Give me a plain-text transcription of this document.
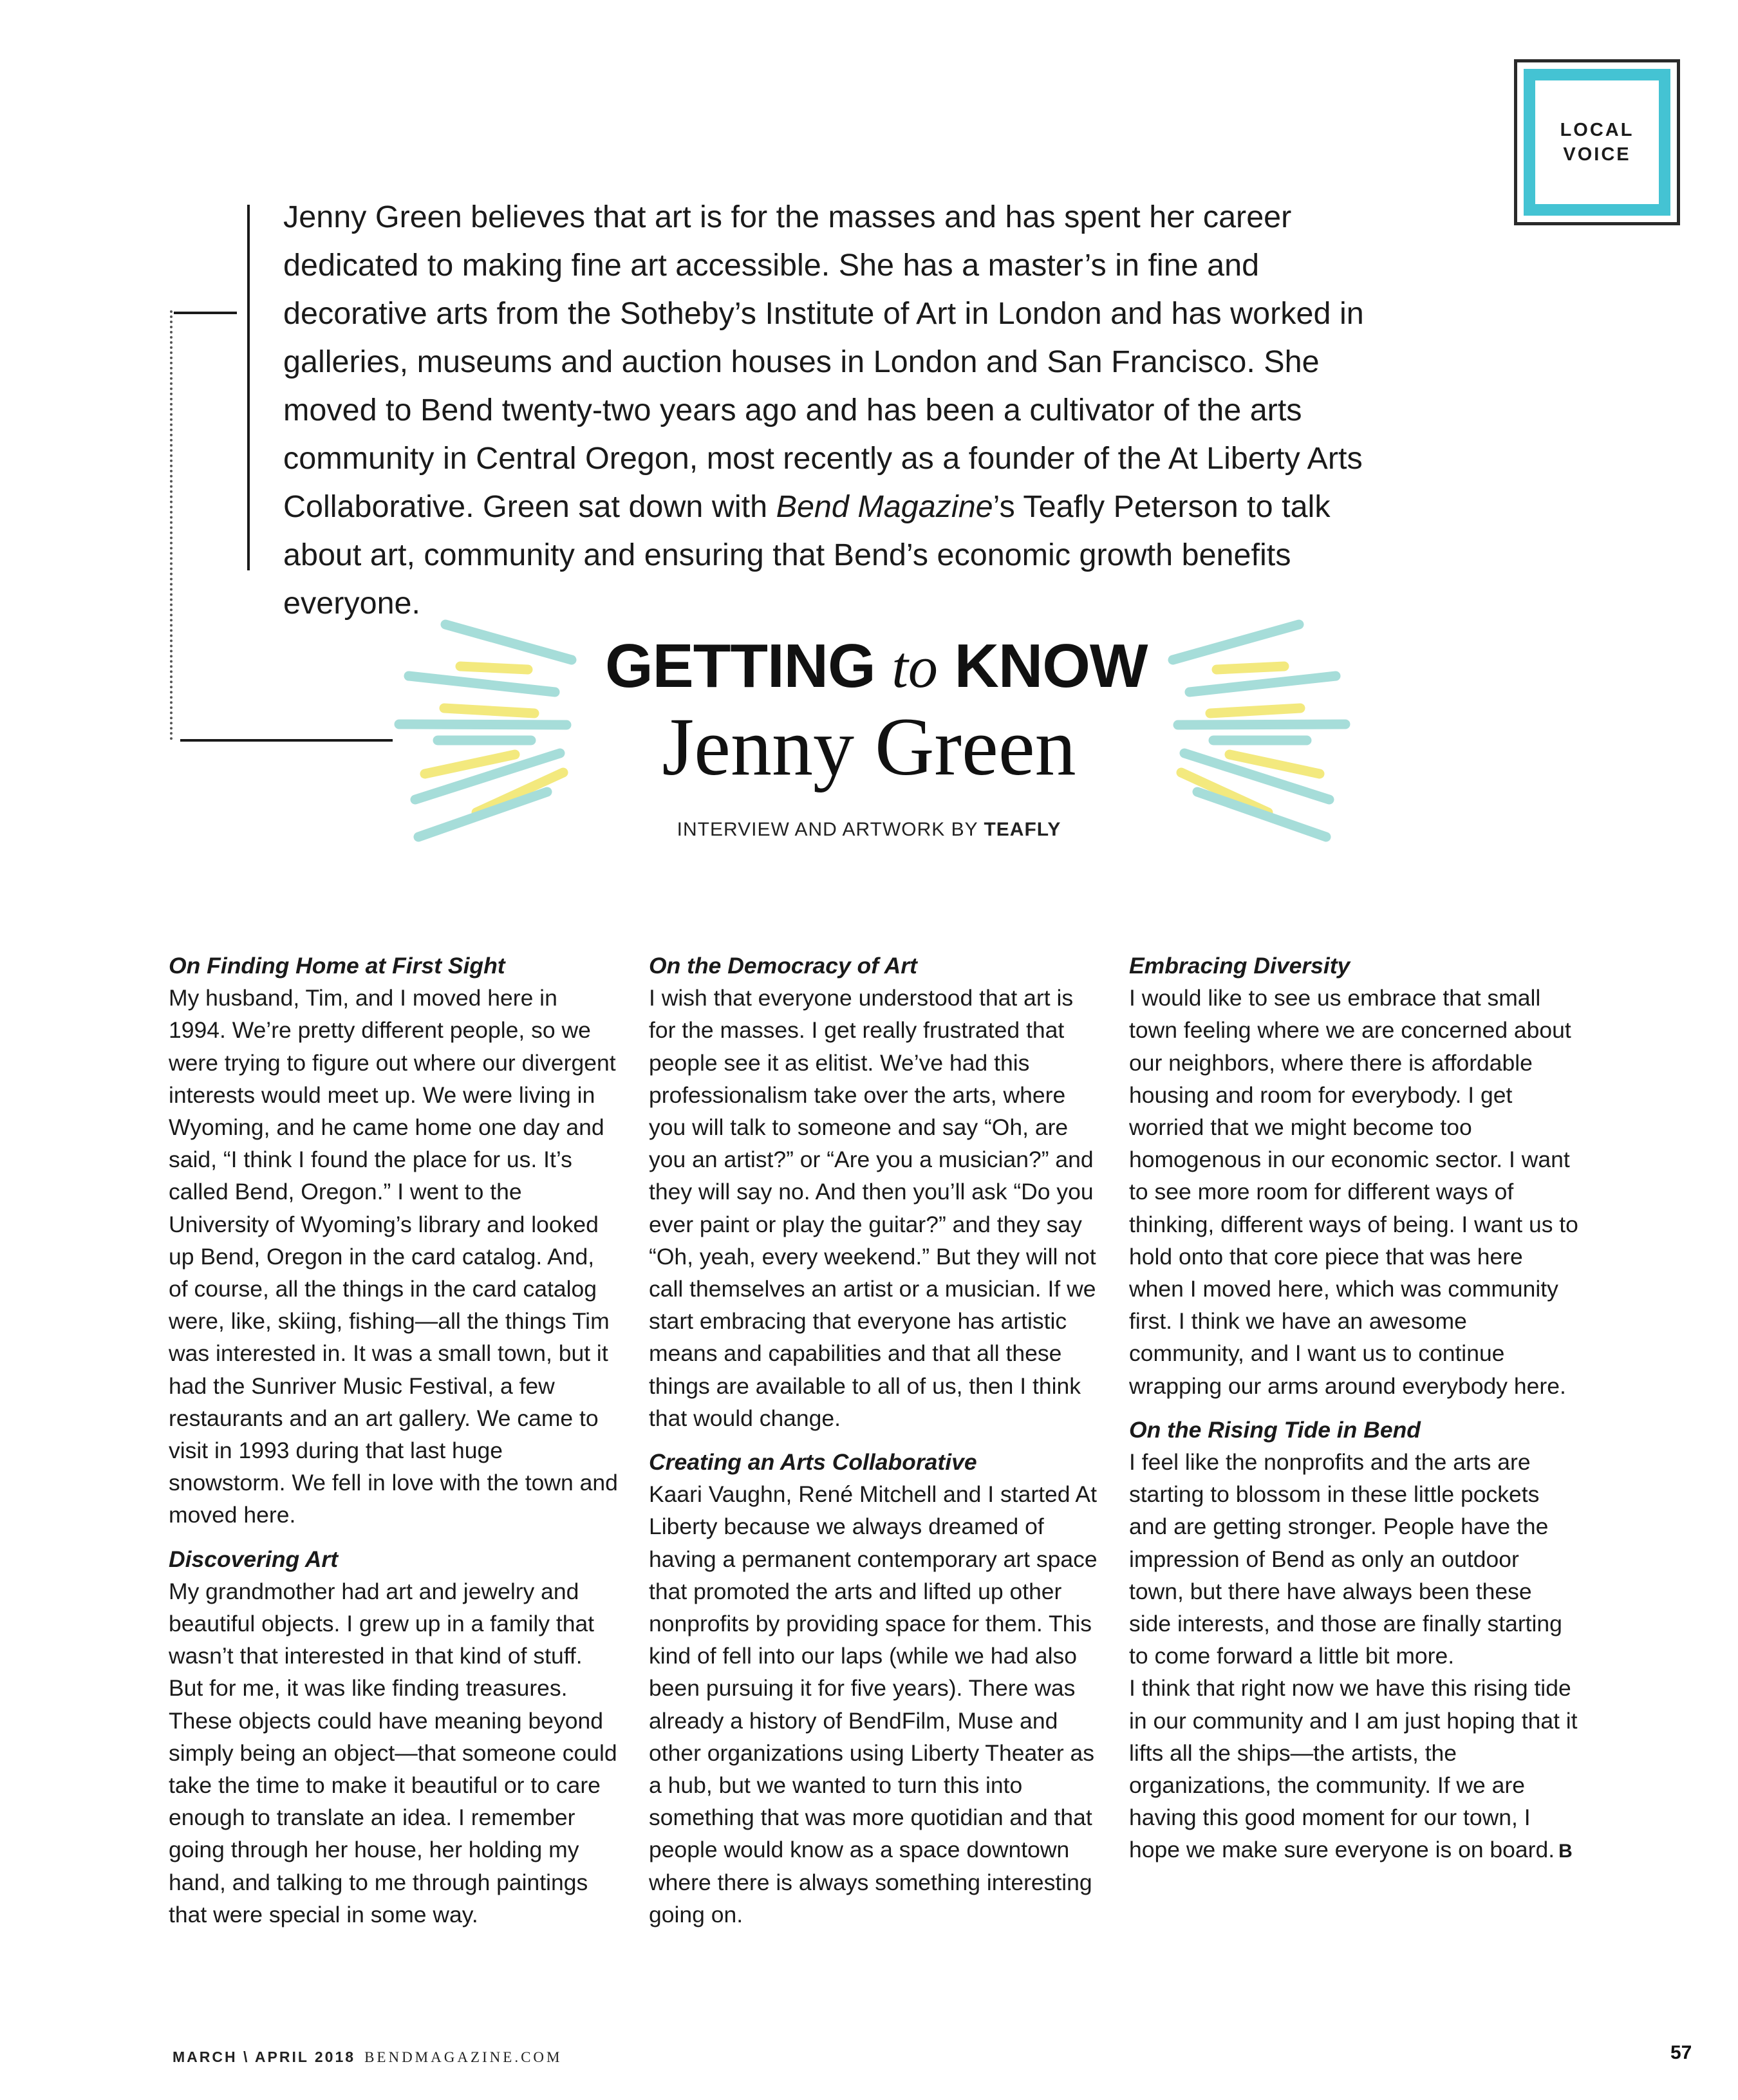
LOCAL
VOICE

Jenny Green believes that art is for the masses and has spent her career dedicated to making fine art accessible. She has a master’s in fine and decorative arts from the Sotheby’s Institute of Art in London and has worked in galleries, museums and auction houses in London and San Francisco. She moved to Bend twenty-two years ago and has been a cultivator of the arts community in Central Oregon, most recently as a founder of the At Liberty Arts Collaborative. Green sat down with Bend Magazine’s Teafly Peterson to talk about art, community and ensuring that Bend’s economic growth benefits everyone.

GETTING to KNOW
Jenny Green
INTERVIEW AND ARTWORK BY TEAFLY
On Finding Home at First Sight

My husband, Tim, and I moved here in 1994. We’re pretty different people, so we were trying to figure out where our divergent interests would meet up. We were living in Wyoming, and he came home one day and said, “I think I found the place for us. It’s called Bend, Oregon.” I went to the University of Wyoming’s library and looked up Bend, Oregon in the card catalog. And, of course, all the things in the card catalog were, like, skiing, fishing—all the things Tim was interested in. It was a small town, but it had the Sunriver Music Festival, a few restaurants and an art gallery. We came to visit in 1993 during that last huge snowstorm. We fell in love with the town and moved here.

Discovering Art

My grandmother had art and jewelry and beautiful objects. I grew up in a family that wasn’t that interested in that kind of stuff. But for me, it was like finding treasures. These objects could have meaning beyond simply being an object—that someone could take the time to make it beautiful or to care enough to translate an idea. I remember going through her house, her holding my hand, and talking to me through paintings that were special in some way.

On the Democracy of Art

I wish that everyone understood that art is for the masses. I get really frustrated that people see it as elitist. We’ve had this professionalism take over the arts, where you will talk to someone and say “Oh, are you an artist?” or “Are you a musician?” and they will say no. And then you’ll ask “Do you ever paint or play the guitar?” and they say “Oh, yeah, every weekend.” But they will not call themselves an artist or a musician. If we start embracing that everyone has artistic means and capabilities and that all these things are available to all of us, then I think that would change.

Creating an Arts Collaborative

Kaari Vaughn, René Mitchell and I started At Liberty because we always dreamed of having a permanent contemporary art space that promoted the arts and lifted up other nonprofits by providing space for them. This kind of fell into our laps (while we had also been pursuing it for five years). There was already a history of BendFilm, Muse and other organizations using Liberty Theater as a hub, but we wanted to turn this into something that was more quotidian and that people would know as a space downtown where there is always something interesting going on.

Embracing Diversity

I would like to see us embrace that small town feeling where we are concerned about our neighbors, where there is affordable housing and room for everybody. I get worried that we might become too homogenous in our economic sector. I want to see more room for different ways of thinking, different ways of being. I want us to hold onto that core piece that was here when I moved here, which was community first. I think we have an awesome community, and I want us to continue wrapping our arms around everybody here.

On the Rising Tide in Bend

I feel like the nonprofits and the arts are starting to blossom in these little pockets and are getting stronger. People have the impression of Bend as only an outdoor town, but there have always been these side interests, and those are finally starting to come forward a little bit more.

I think that right now we have this rising tide in our community and I am just hoping that it lifts all the ships—the artists, the organizations, the community. If we are having this good moment for our town, I hope we make sure everyone is on board. B

MARCH \ APRIL 2018 BENDMAGAZINE.COM	57
